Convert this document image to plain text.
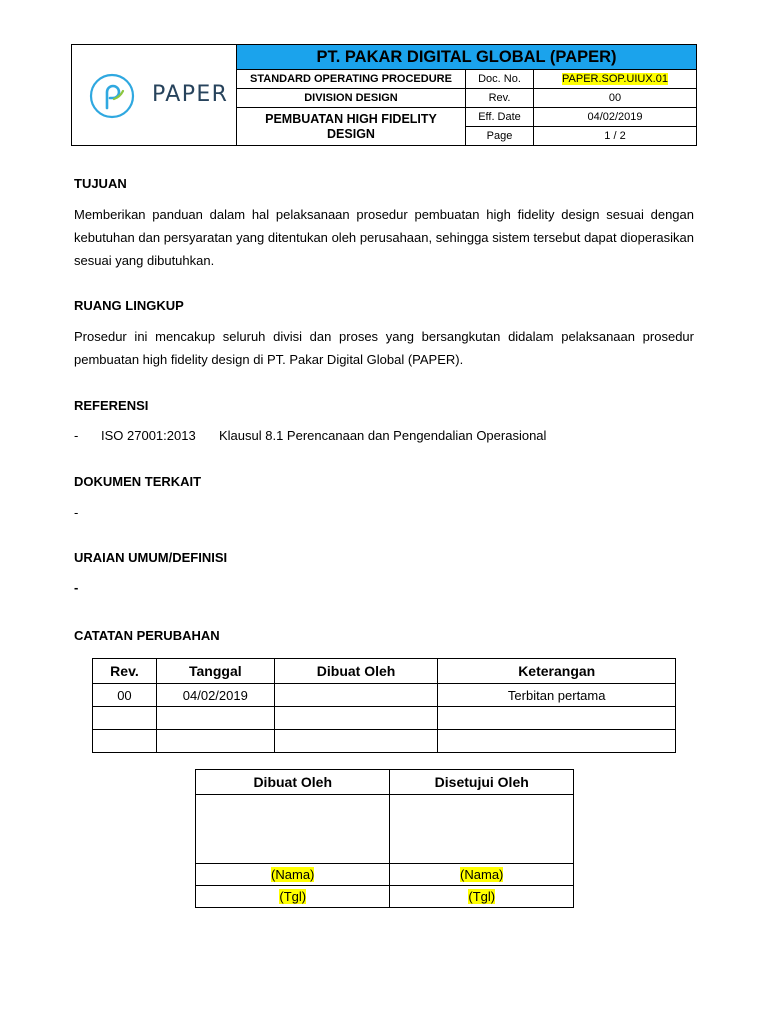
PAPER
PT. PAKAR DIGITAL GLOBAL (PAPER)
STANDARD OPERATING PROCEDURE	Doc. No.	PAPER.SOP.UIUX.01
DIVISION DESIGN	Rev.	00
PEMBUATAN HIGH FIDELITY DESIGN
Eff. Date	04/02/2019
Page	1 / 2
TUJUAN
Memberikan panduan dalam hal pelaksanaan prosedur pembuatan high fidelity design sesuai dengan kebutuhan dan persyaratan yang ditentukan oleh perusahaan, sehingga sistem tersebut dapat dioperasikan sesuai yang dibutuhkan.
RUANG LINGKUP
Prosedur ini mencakup seluruh divisi dan proses yang bersangkutan didalam pelaksanaan prosedur pembuatan high fidelity design di PT. Pakar Digital Global (PAPER).
REFERENSI
- ISO 27001:2013 Klausul 8.1 Perencanaan dan Pengendalian Operasional
DOKUMEN TERKAIT
-
URAIAN UMUM/DEFINISI
-
CATATAN PERUBAHAN
Rev.	Tanggal	Dibuat Oleh	Keterangan
00	04/02/2019		Terbitan pertama

Dibuat Oleh	Disetujui Oleh

(Nama)	(Nama)
(Tgl)	(Tgl)
